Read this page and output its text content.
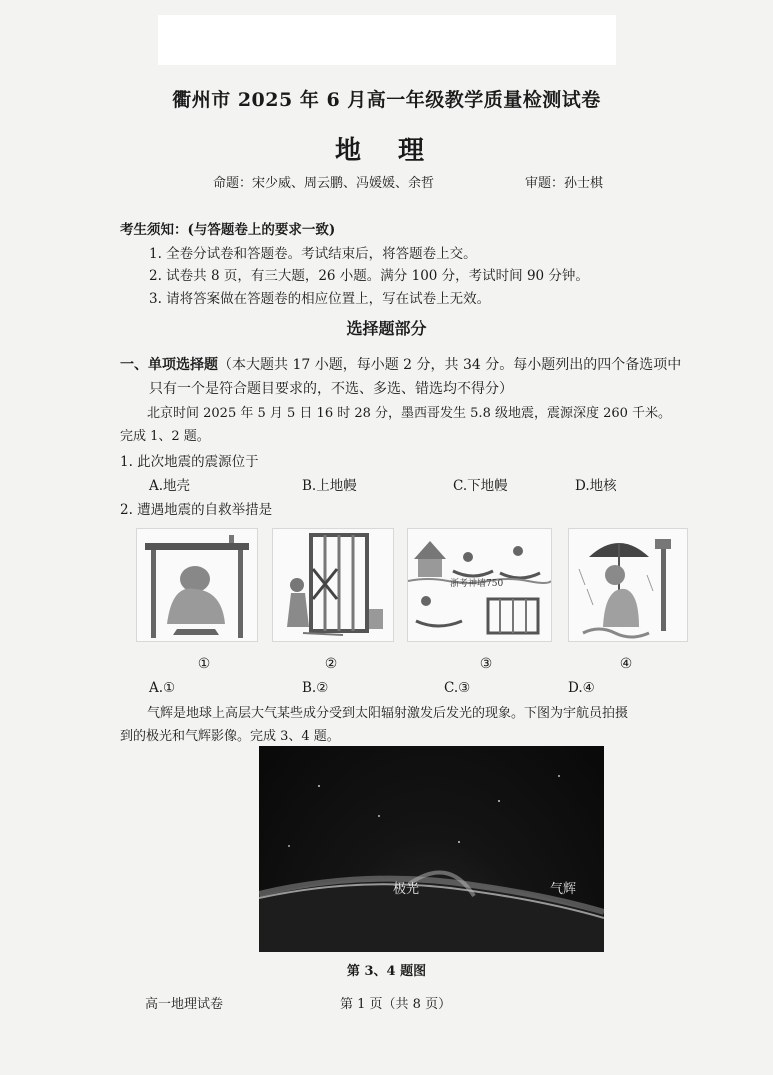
衢州市 2025 年 6 月高一年级教学质量检测试卷
地 理
命题：宋少威、周云鹏、冯媛媛、余哲	审题：孙士棋
考生须知：(与答题卷上的要求一致)
1. 全卷分试卷和答题卷。考试结束后，将答题卷上交。
2. 试卷共 8 页，有三大题，26 小题。满分 100 分，考试时间 90 分钟。
3. 请将答案做在答题卷的相应位置上，写在试卷上无效。
选择题部分
一、单项选择题（本大题共 17 小题，每小题 2 分，共 34 分。每小题列出的四个备选项中
只有一个是符合题目要求的，不选、多选、错选均不得分）
北京时间 2025 年 5 月 5 日 16 时 28 分，墨西哥发生 5.8 级地震，震源深度 260 千米。
完成 1、2 题。
1. 此次地震的震源位于
A.地壳	B.上地幔	C.下地幔	D.地核
2. 遭遇地震的自救举措是
浙考神墙750
①	②	③	④
A.①	B.②	C.③	D.④
气辉是地球上高层大气某些成分受到太阳辐射激发后发光的现象。下图为宇航员拍摄
到的极光和气辉影像。完成 3、4 题。
极光	气辉
第 3、4 题图
高一地理试卷	第 1 页（共 8 页）
